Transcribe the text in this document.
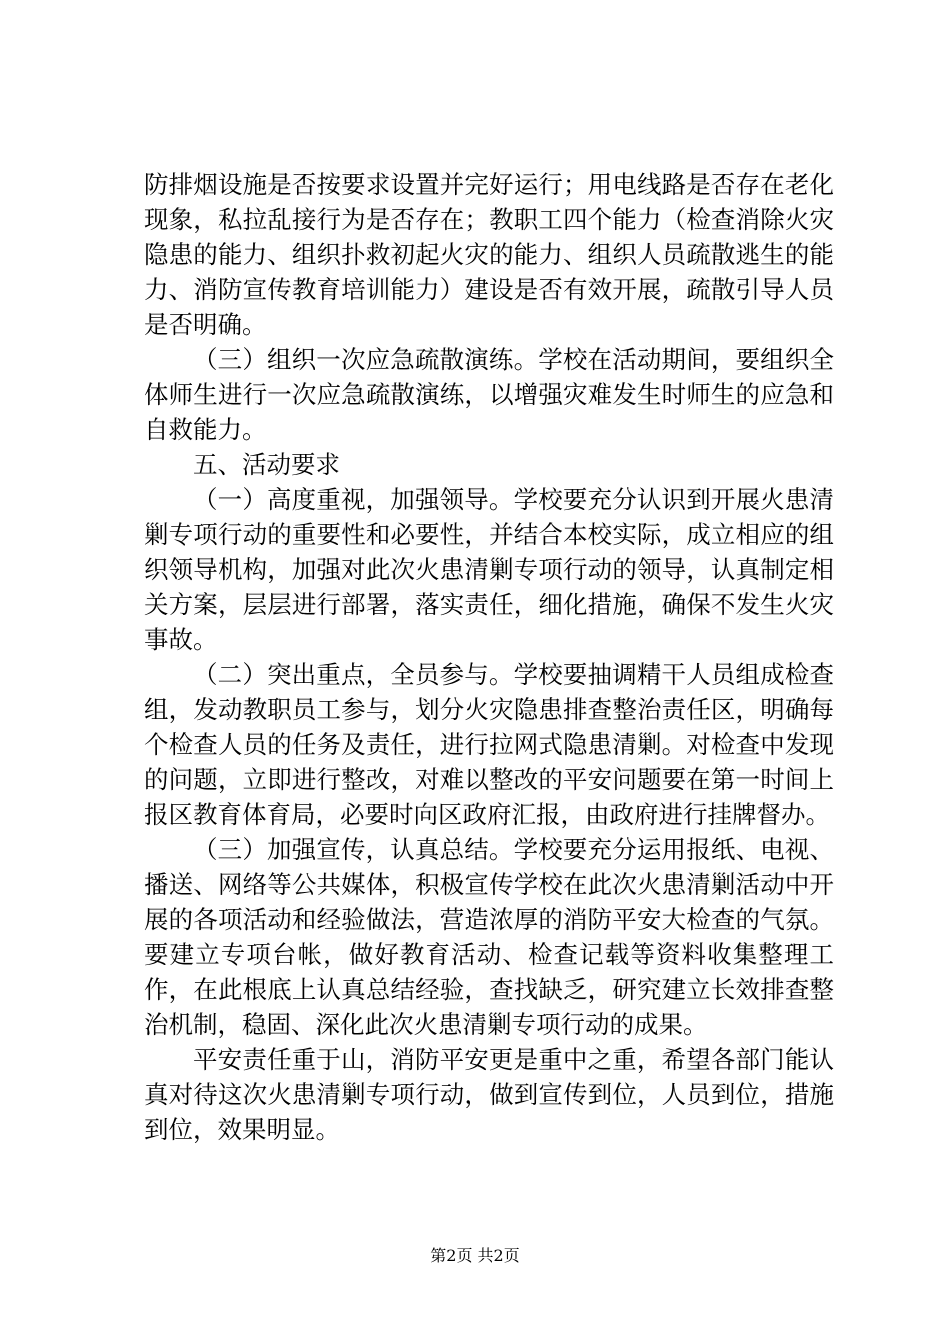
防排烟设施是否按要求设置并完好运行；用电线路是否存在老化现象，私拉乱接行为是否存在；教职工四个能力（检查消除火灾隐患的能力、组织扑救初起火灾的能力、组织人员疏散逃生的能力、消防宣传教育培训能力）建设是否有效开展，疏散引导人员是否明确。

（三）组织一次应急疏散演练。学校在活动期间，要组织全体师生进行一次应急疏散演练，以增强灾难发生时师生的应急和自救能力。

五、活动要求

（一）高度重视，加强领导。学校要充分认识到开展火患清剿专项行动的重要性和必要性，并结合本校实际，成立相应的组织领导机构，加强对此次火患清剿专项行动的领导，认真制定相关方案，层层进行部署，落实责任，细化措施，确保不发生火灾事故。

（二）突出重点，全员参与。学校要抽调精干人员组成检查组，发动教职员工参与，划分火灾隐患排查整治责任区，明确每个检查人员的任务及责任，进行拉网式隐患清剿。对检查中发现的问题，立即进行整改，对难以整改的平安问题要在第一时间上报区教育体育局，必要时向区政府汇报，由政府进行挂牌督办。

（三）加强宣传，认真总结。学校要充分运用报纸、电视、播送、网络等公共媒体，积极宣传学校在此次火患清剿活动中开展的各项活动和经验做法，营造浓厚的消防平安大检查的气氛。要建立专项台帐，做好教育活动、检查记载等资料收集整理工作，在此根底上认真总结经验，查找缺乏，研究建立长效排查整治机制，稳固、深化此次火患清剿专项行动的成果。

平安责任重于山，消防平安更是重中之重，希望各部门能认真对待这次火患清剿专项行动，做到宣传到位，人员到位，措施到位，效果明显。

第2页 共2页
